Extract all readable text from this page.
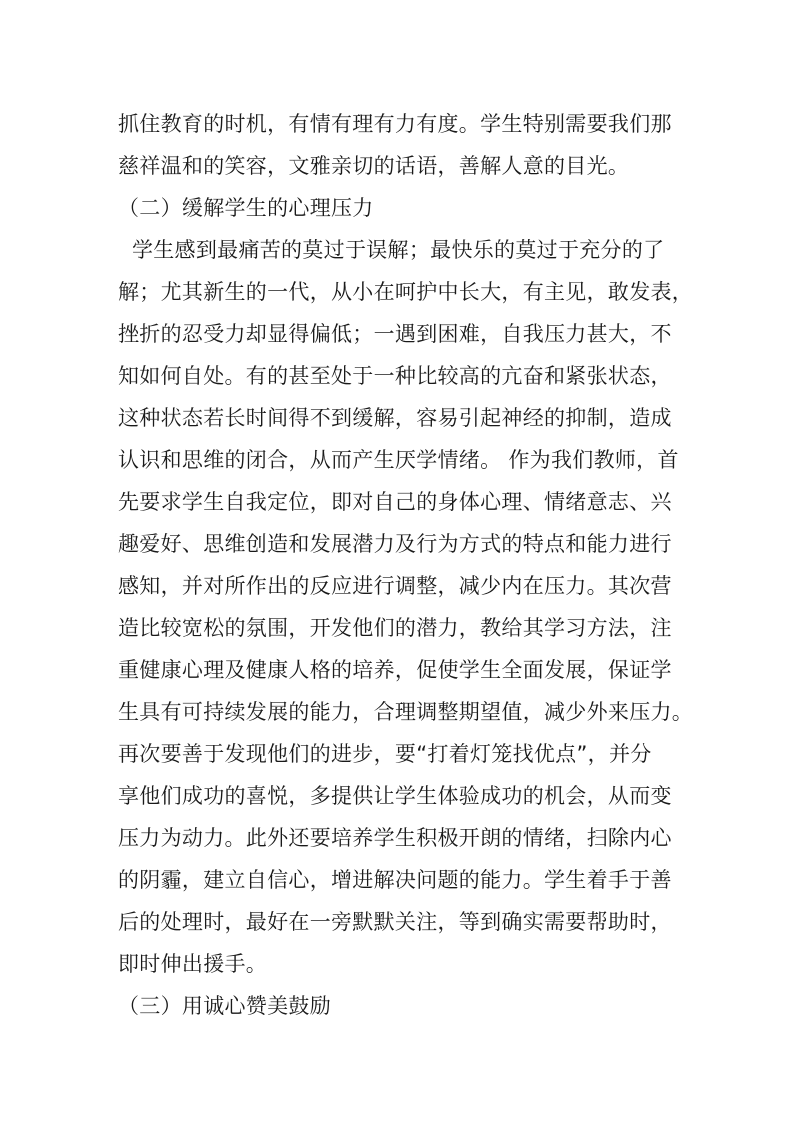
抓住教育的时机，有情有理有力有度。学生特别需要我们那
慈祥温和的笑容，文雅亲切的话语，善解人意的目光。
（二）缓解学生的心理压力
学生感到最痛苦的莫过于误解；最快乐的莫过于充分的了
解；尤其新生的一代，从小在呵护中长大，有主见，敢发表，
挫折的忍受力却显得偏低；一遇到困难，自我压力甚大，不
知如何自处。有的甚至处于一种比较高的亢奋和紧张状态，
这种状态若长时间得不到缓解，容易引起神经的抑制，造成
认识和思维的闭合，从而产生厌学情绪。 作为我们教师，首
先要求学生自我定位，即对自己的身体心理、情绪意志、兴
趣爱好、思维创造和发展潜力及行为方式的特点和能力进行
感知，并对所作出的反应进行调整，减少内在压力。其次营
造比较宽松的氛围，开发他们的潜力，教给其学习方法，注
重健康心理及健康人格的培养，促使学生全面发展，保证学
生具有可持续发展的能力，合理调整期望值，减少外来压力。
再次要善于发现他们的进步，要“打着灯笼找优点”，并分
享他们成功的喜悦，多提供让学生体验成功的机会，从而变
压力为动力。此外还要培养学生积极开朗的情绪，扫除内心
的阴霾，建立自信心，增进解决问题的能力。学生着手于善
后的处理时，最好在一旁默默关注，等到确实需要帮助时，
即时伸出援手。
（三）用诚心赞美鼓励
